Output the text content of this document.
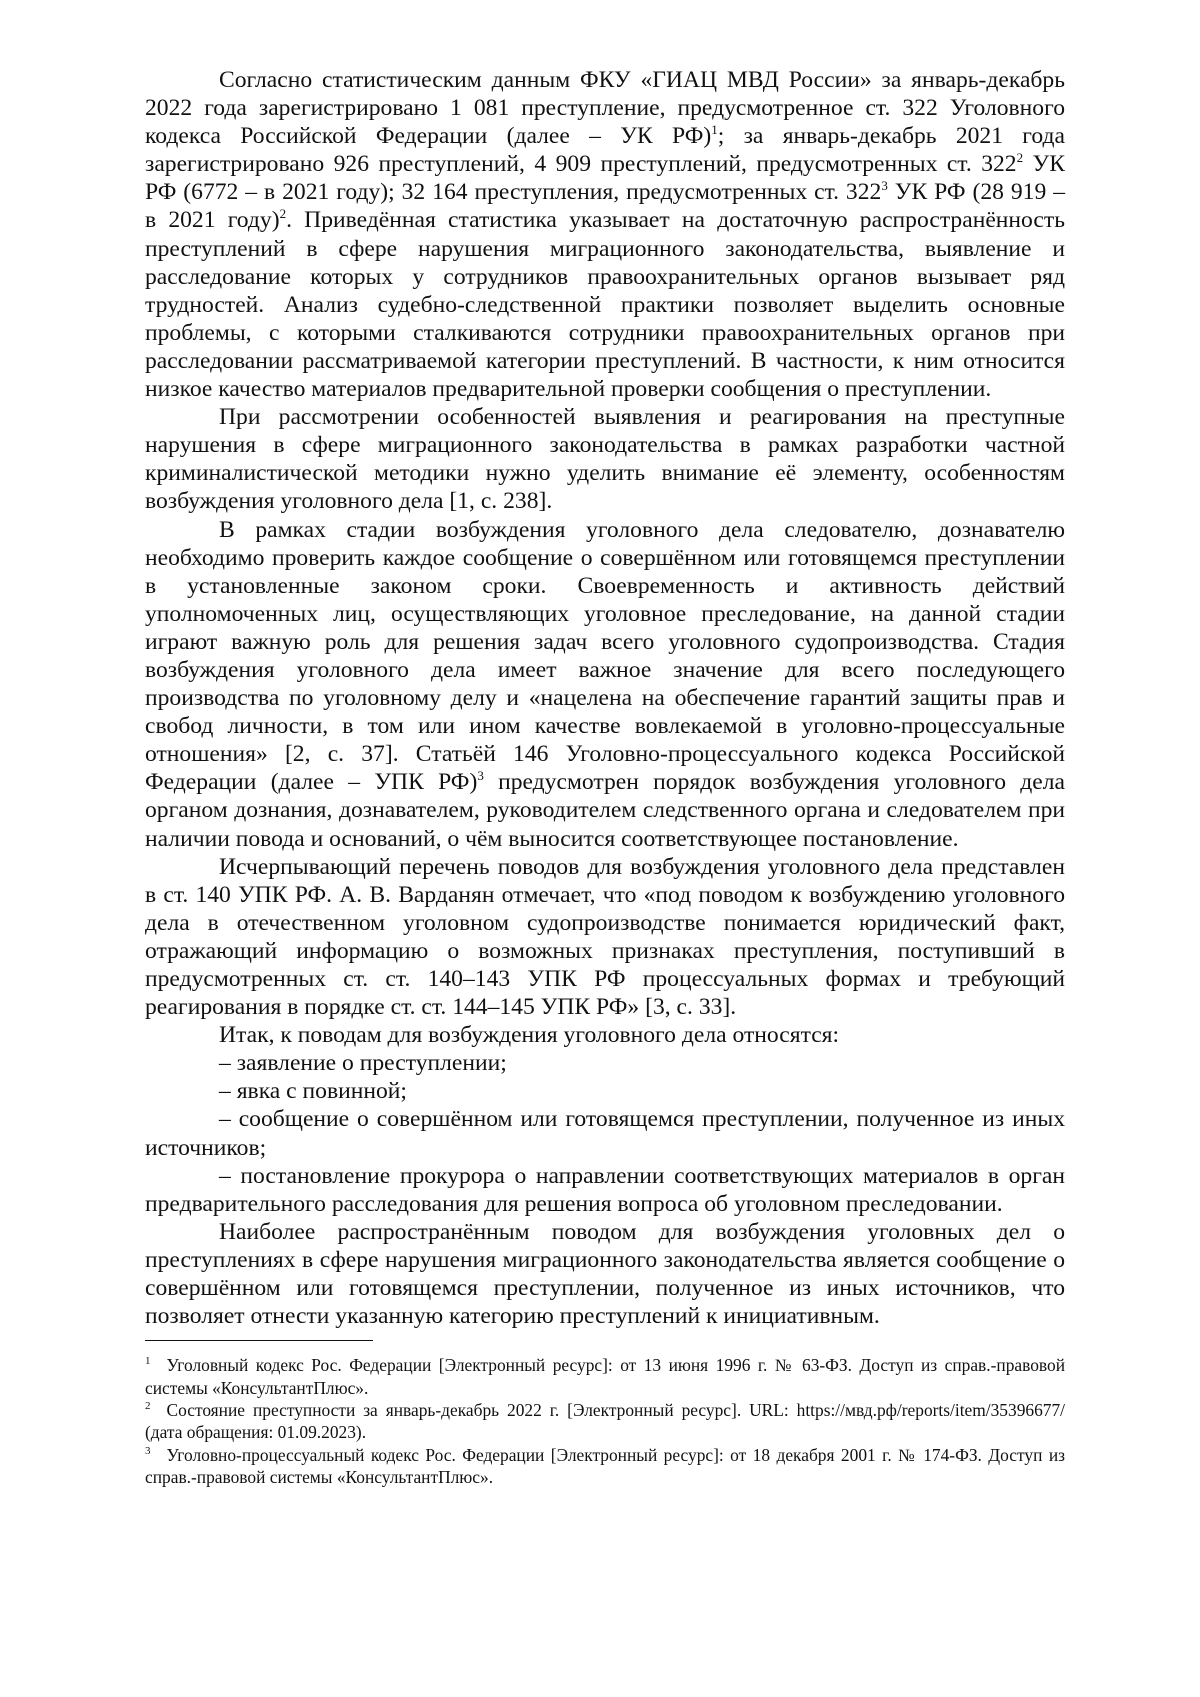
Согласно статистическим данным ФКУ «ГИАЦ МВД России» за январь-декабрь 2022 года зарегистрировано 1 081 преступление, предусмотренное ст. 322 Уголовного кодекса Российской Федерации (далее – УК РФ)$^1$; за январь-декабрь 2021 года зарегистрировано 926 преступлений, 4 909 преступлений, предусмотренных ст. $322^2$ УК РФ (6772 – в 2021 году); 32 164 преступления, предусмотренных ст. $322^3$ УК РФ (28 919 – в 2021 году)$^2$. Приведённая статистика указывает на достаточную распространённость преступлений в сфере нарушения миграционного законодательства, выявление и расследование которых у сотрудников правоохранительных органов вызывает ряд трудностей. Анализ судебно-следственной практики позволяет выделить основные проблемы, с которыми сталкиваются сотрудники правоохранительных органов при расследовании рассматриваемой категории преступлений. В частности, к ним относится низкое качество материалов предварительной проверки сообщения о преступлении.

При рассмотрении особенностей выявления и реагирования на преступные нарушения в сфере миграционного законодательства в рамках разработки частной криминалистической методики нужно уделить внимание её элементу, особенностям возбуждения уголовного дела [1, с. 238].

В рамках стадии возбуждения уголовного дела следователю, дознавателю необходимо проверить каждое сообщение о совершённом или готовящемся преступлении в установленные законом сроки. Своевременность и активность действий уполномоченных лиц, осуществляющих уголовное преследование, на данной стадии играют важную роль для решения задач всего уголовного судопроизводства. Стадия возбуждения уголовного дела имеет важное значение для всего последующего производства по уголовному делу и «нацелена на обеспечение гарантий защиты прав и свобод личности, в том или ином качестве вовлекаемой в уголовно-процессуальные отношения» [2, с. 37]. Статьёй 146 Уголовно-процессуального кодекса Российской Федерации (далее – УПК РФ)$^3$ предусмотрен порядок возбуждения уголовного дела органом дознания, дознавателем, руководителем следственного органа и следователем при наличии повода и оснований, о чём выносится соответствующее постановление.

Исчерпывающий перечень поводов для возбуждения уголовного дела представлен в ст. 140 УПК РФ. А. В. Варданян отмечает, что «под поводом к возбуждению уголовного дела в отечественном уголовном судопроизводстве понимается юридический факт, отражающий информацию о возможных признаках преступления, поступивший в предусмотренных ст. ст. 140–143 УПК РФ процессуальных формах и требующий реагирования в порядке ст. ст. 144–145 УПК РФ» [3, с. 33].

Итак, к поводам для возбуждения уголовного дела относятся:

– заявление о преступлении;

– явка с повинной;

– сообщение о совершённом или готовящемся преступлении, полученное из иных источников;

– постановление прокурора о направлении соответствующих материалов в орган предварительного расследования для решения вопроса об уголовном преследовании.

Наиболее распространённым поводом для возбуждения уголовных дел о преступлениях в сфере нарушения миграционного законодательства является сообщение о совершённом или готовящемся преступлении, полученное из иных источников, что позволяет отнести указанную категорию преступлений к инициативным.

$^1$ Уголовный кодекс Рос. Федерации [Электронный ресурс]: от 13 июня 1996 г. № 63-ФЗ. Доступ из справ.-правовой системы «КонсультантПлюс».

$^2$ Состояние преступности за январь-декабрь 2022 г. [Электронный ресурс]. URL: https://мвд.рф/reports/item/35396677/ (дата обращения: 01.09.2023).

$^3$ Уголовно-процессуальный кодекс Рос. Федерации [Электронный ресурс]: от 18 декабря 2001 г. № 174-ФЗ. Доступ из справ.-правовой системы «КонсультантПлюс».
